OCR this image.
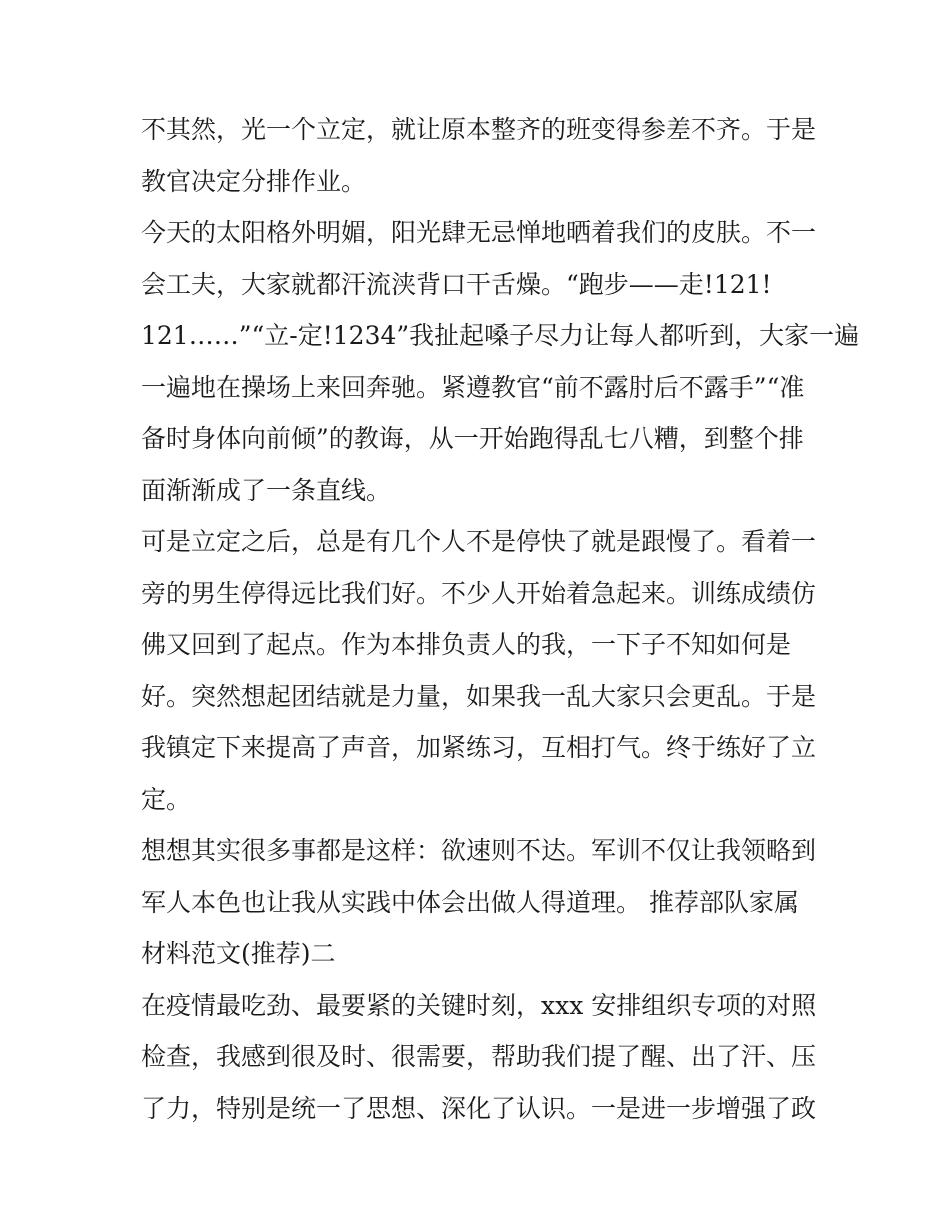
不其然，光一个立定，就让原本整齐的班变得参差不齐。于是
教官决定分排作业。
今天的太阳格外明媚，阳光肆无忌惮地晒着我们的皮肤。不一
会工夫，大家就都汗流浃背口干舌燥。“跑步——走!121!
121……”“立-定!1234”我扯起嗓子尽力让每人都听到，大家一遍
一遍地在操场上来回奔驰。紧遵教官“前不露肘后不露手”“准
备时身体向前倾”的教诲，从一开始跑得乱七八糟，到整个排
面渐渐成了一条直线。
可是立定之后，总是有几个人不是停快了就是跟慢了。看着一
旁的男生停得远比我们好。不少人开始着急起来。训练成绩仿
佛又回到了起点。作为本排负责人的我，一下子不知如何是
好。突然想起团结就是力量，如果我一乱大家只会更乱。于是
我镇定下来提高了声音，加紧练习，互相打气。终于练好了立
定。
想想其实很多事都是这样：欲速则不达。军训不仅让我领略到
军人本色也让我从实践中体会出做人得道理。 推荐部队家属
材料范文(推荐)二
在疫情最吃劲、最要紧的关键时刻，xxx 安排组织专项的对照
检查，我感到很及时、很需要，帮助我们提了醒、出了汗、压
了力，特别是统一了思想、深化了认识。一是进一步增强了政
